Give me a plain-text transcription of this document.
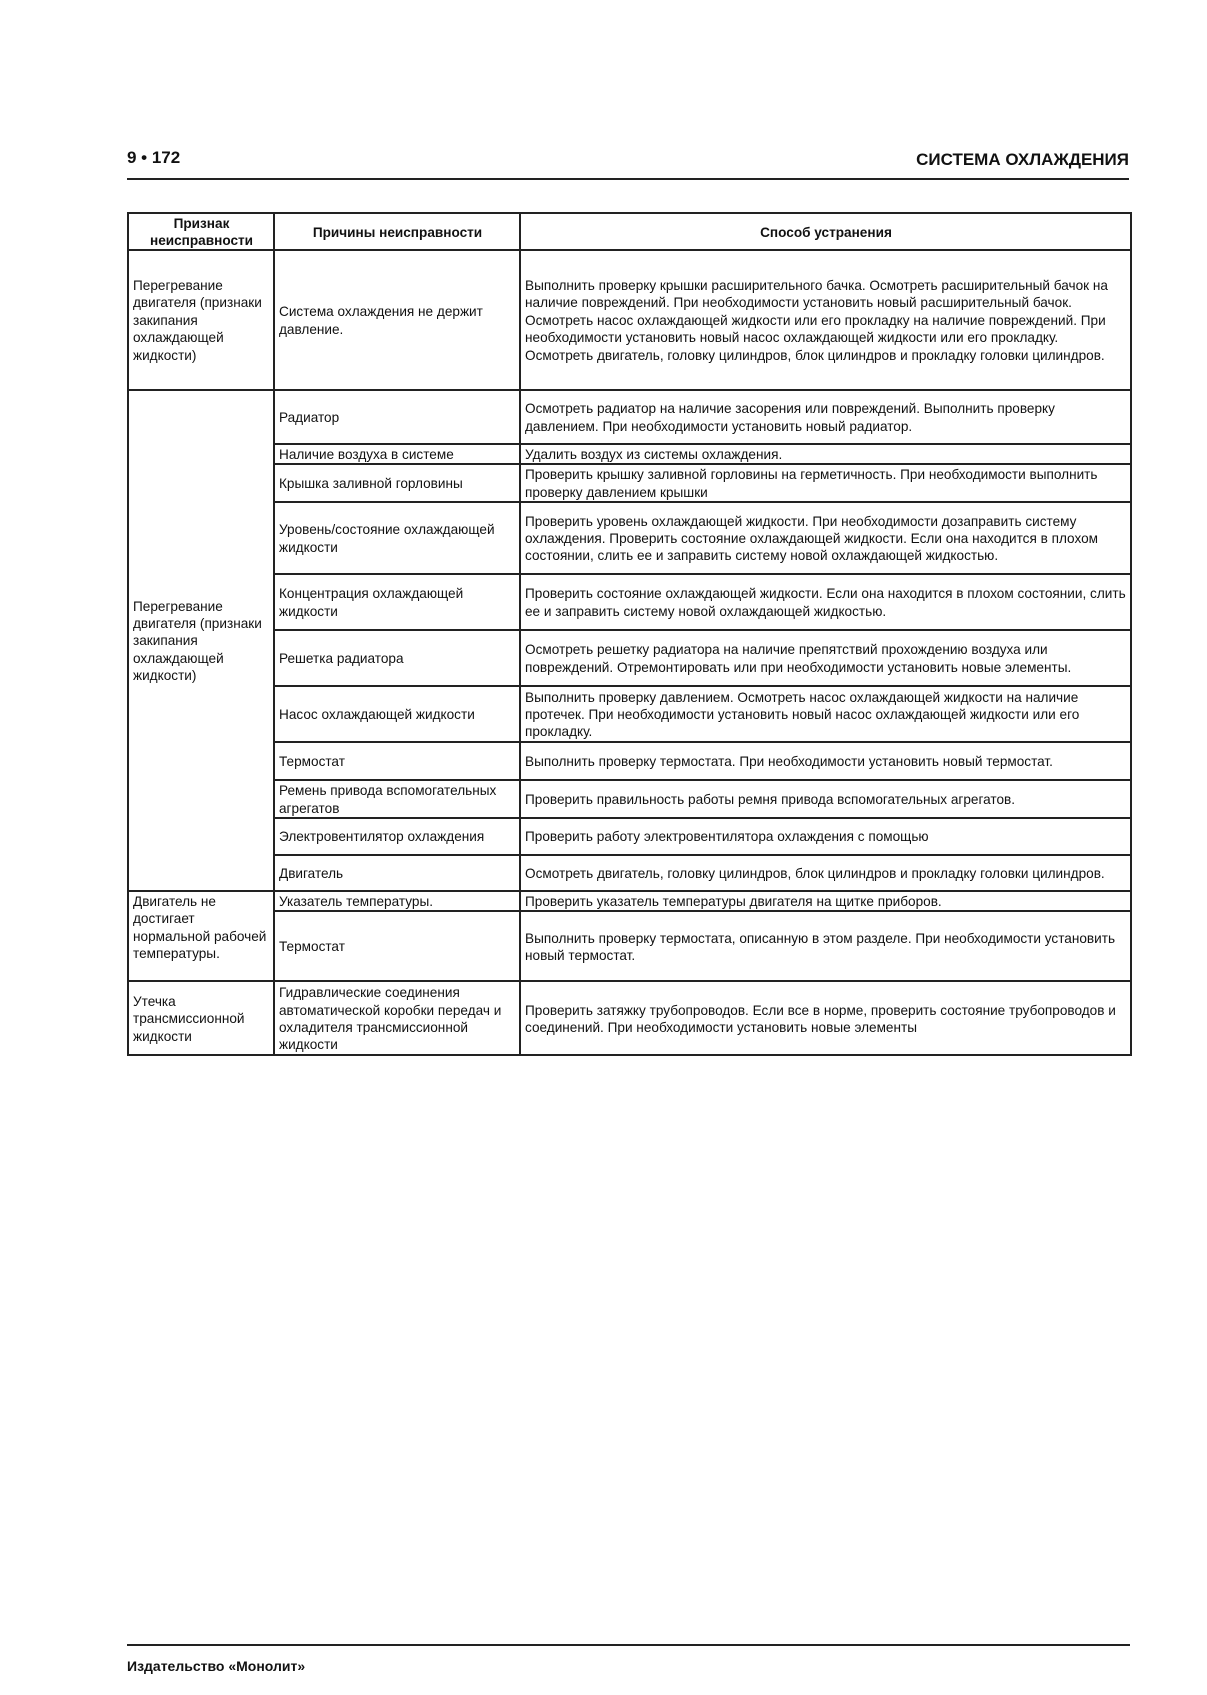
9 • 172	СИСТЕМА ОХЛАЖДЕНИЯ
Признак неисправности	Причины неисправности	Способ устранения
Перегревание двигателя (признаки закипания охлаждающей жидкости)	Система охлаждения не держит давление.	Выполнить проверку крышки расширительного бачка. Осмотреть расширительный бачок на наличие повреждений. При необходимости установить новый расширительный бачок. Осмотреть насос охлаждающей жидкости или его прокладку на наличие повреждений. При необходимости установить новый насос охлаждающей жидкости или его прокладку. Осмотреть двигатель, головку цилиндров, блок цилиндров и прокладку головки цилиндров.
Перегревание двигателя (признаки закипания охлаждающей жидкости)	Радиатор	Осмотреть радиатор на наличие засорения или повреждений. Выполнить проверку давлением. При необходимости установить новый радиатор.
	Наличие воздуха в системе	Удалить воздух из системы охлаждения.
	Крышка заливной горловины	Проверить крышку заливной горловины на герметичность. При необходимости выполнить проверку давлением крышки
	Уровень/состояние охлаждающей жидкости	Проверить уровень охлаждающей жидкости. При необходимости дозаправить систему охлаждения. Проверить состояние охлаждающей жидкости. Если она находится в плохом состоянии, слить ее и заправить систему новой охлаждающей жидкостью.
	Концентрация охлаждающей жидкости	Проверить состояние охлаждающей жидкости. Если она находится в плохом состоянии, слить ее и заправить систему новой охлаждающей жидкостью.
	Решетка радиатора	Осмотреть решетку радиатора на наличие препятствий прохождению воздуха или повреждений. Отремонтировать или при необходимости установить новые элементы.
	Насос охлаждающей жидкости	Выполнить проверку давлением. Осмотреть насос охлаждающей жидкости на наличие протечек. При необходимости установить новый насос охлаждающей жидкости или его прокладку.
	Термостат	Выполнить проверку термостата. При необходимости установить новый термостат.
	Ремень привода вспомогательных агрегатов	Проверить правильность работы ремня привода вспомогательных агрегатов.
	Электровентилятор охлаждения	Проверить работу электровентилятора охлаждения с помощью
	Двигатель	Осмотреть двигатель, головку цилиндров, блок цилиндров и прокладку головки цилиндров.
Двигатель не достигает нормальной рабочей температуры.	Указатель температуры.	Проверить указатель температуры двигателя на щитке приборов.
	Термостат	Выполнить проверку термостата, описанную в этом разделе. При необходимости установить новый термостат.
Утечка трансмиссионной жидкости	Гидравлические соединения автоматической коробки передач и охладителя трансмиссионной жидкости	Проверить затяжку трубопроводов. Если все в норме, проверить состояние трубопроводов и соединений. При необходимости установить новые элементы
Издательство «Монолит»
